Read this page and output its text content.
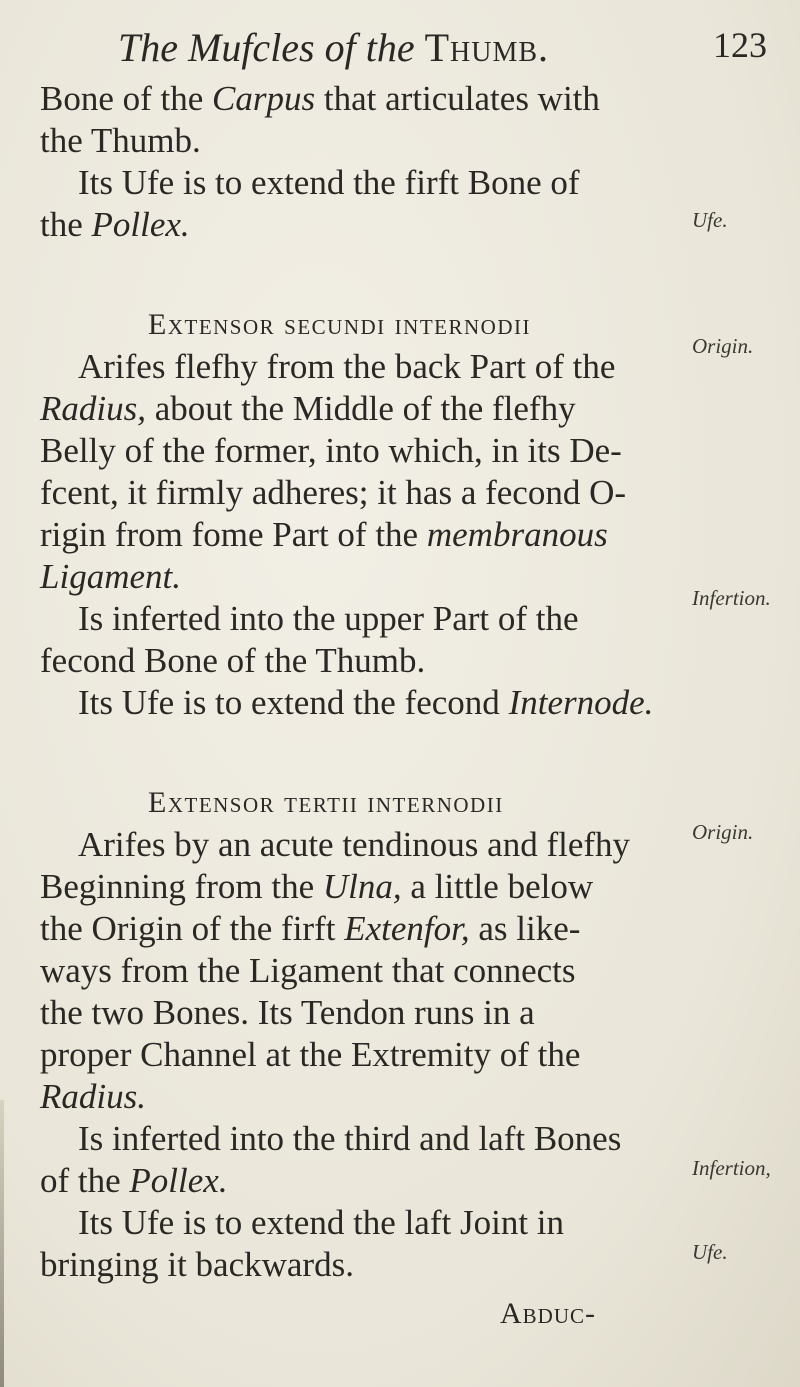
The Mufcles of the Thumb.	123
Bone of the Carpus that articulates with
the Thumb.
Its Ufe is to extend the firft Bone of
the Pollex.
Extensor secundi internodii
Arifes flefhy from the back Part of the
Radius, about the Middle of the flefhy
Belly of the former, into which, in its De-
fcent, it firmly adheres; it has a fecond O-
rigin from fome Part of the membranous
Ligament.
Is inferted into the upper Part of the
fecond Bone of the Thumb.
Its Ufe is to extend the fecond Internode.
Extensor tertii internodii
Arifes by an acute tendinous and flefhy
Beginning from the Ulna, a little below
the Origin of the firft Extenfor, as like-
ways from the Ligament that connects
the two Bones. Its Tendon runs in a
proper Channel at the Extremity of the
Radius.
Is inferted into the third and laft Bones
of the Pollex.
Its Ufe is to extend the laft Joint in
bringing it backwards.
Ufe.
Origin.
Infertion.
Origin.
Infertion,
Ufe.
Abduc-
